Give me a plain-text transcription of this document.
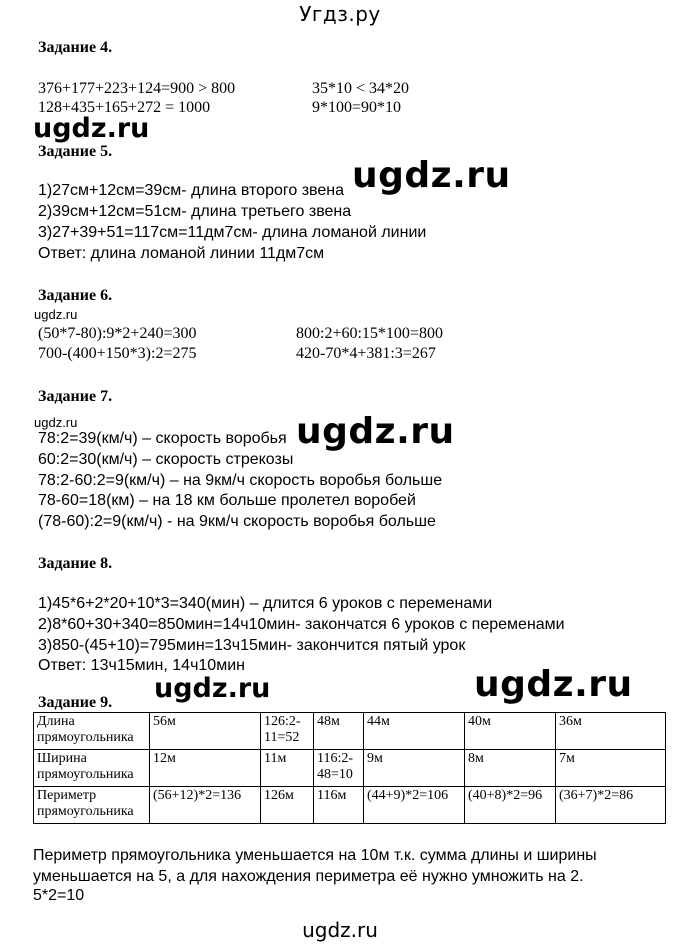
Угдз.ру
Задание 4.
376+177+223+124=900 > 800
128+435+165+272 = 1000
35*10 < 34*20
9*100=90*10
ugdz.ru
Задание 5.
ugdz.ru
1)27см+12см=39см- длина второго звена
2)39см+12см=51см- длина третьего звена
3)27+39+51=117см=11дм7см- длина ломаной линии
Ответ: длина ломаной линии 11дм7см
Задание 6.
ugdz.ru
(50*7-80):9*2+240=300
700-(400+150*3):2=275
800:2+60:15*100=800
420-70*4+381:3=267
Задание 7.
ugdz.ru	ugdz.ru
78:2=39(км/ч) – скорость воробья
60:2=30(км/ч) – скорость стрекозы
78:2-60:2=9(км/ч) – на 9км/ч скорость воробья больше
78-60=18(км) – на 18 км больше пролетел воробей
(78-60):2=9(км/ч) - на 9км/ч скорость воробья больше
Задание 8.
1)45*6+2*20+10*3=340(мин) – длится 6 уроков с переменами
2)8*60+30+340=850мин=14ч10мин- закончатся 6 уроков с переменами
3)850-(45+10)=795мин=13ч15мин- закончится пятый урок
Ответ: 13ч15мин, 14ч10мин
ugdz.ru	ugdz.ru
Задание 9.
Длина прямоугольника	56м	126:2-11=52	48м	44м	40м	36м
Ширина прямоугольника	12м	11м	116:2-48=10	9м	8м	7м
Периметр прямоугольника	(56+12)*2=136	126м	116м	(44+9)*2=106	(40+8)*2=96	(36+7)*2=86
Периметр прямоугольника уменьшается на 10м т.к. сумма длины и ширины уменьшается на 5, а для нахождения периметра её нужно умножить на 2.
5*2=10
ugdz.ru
